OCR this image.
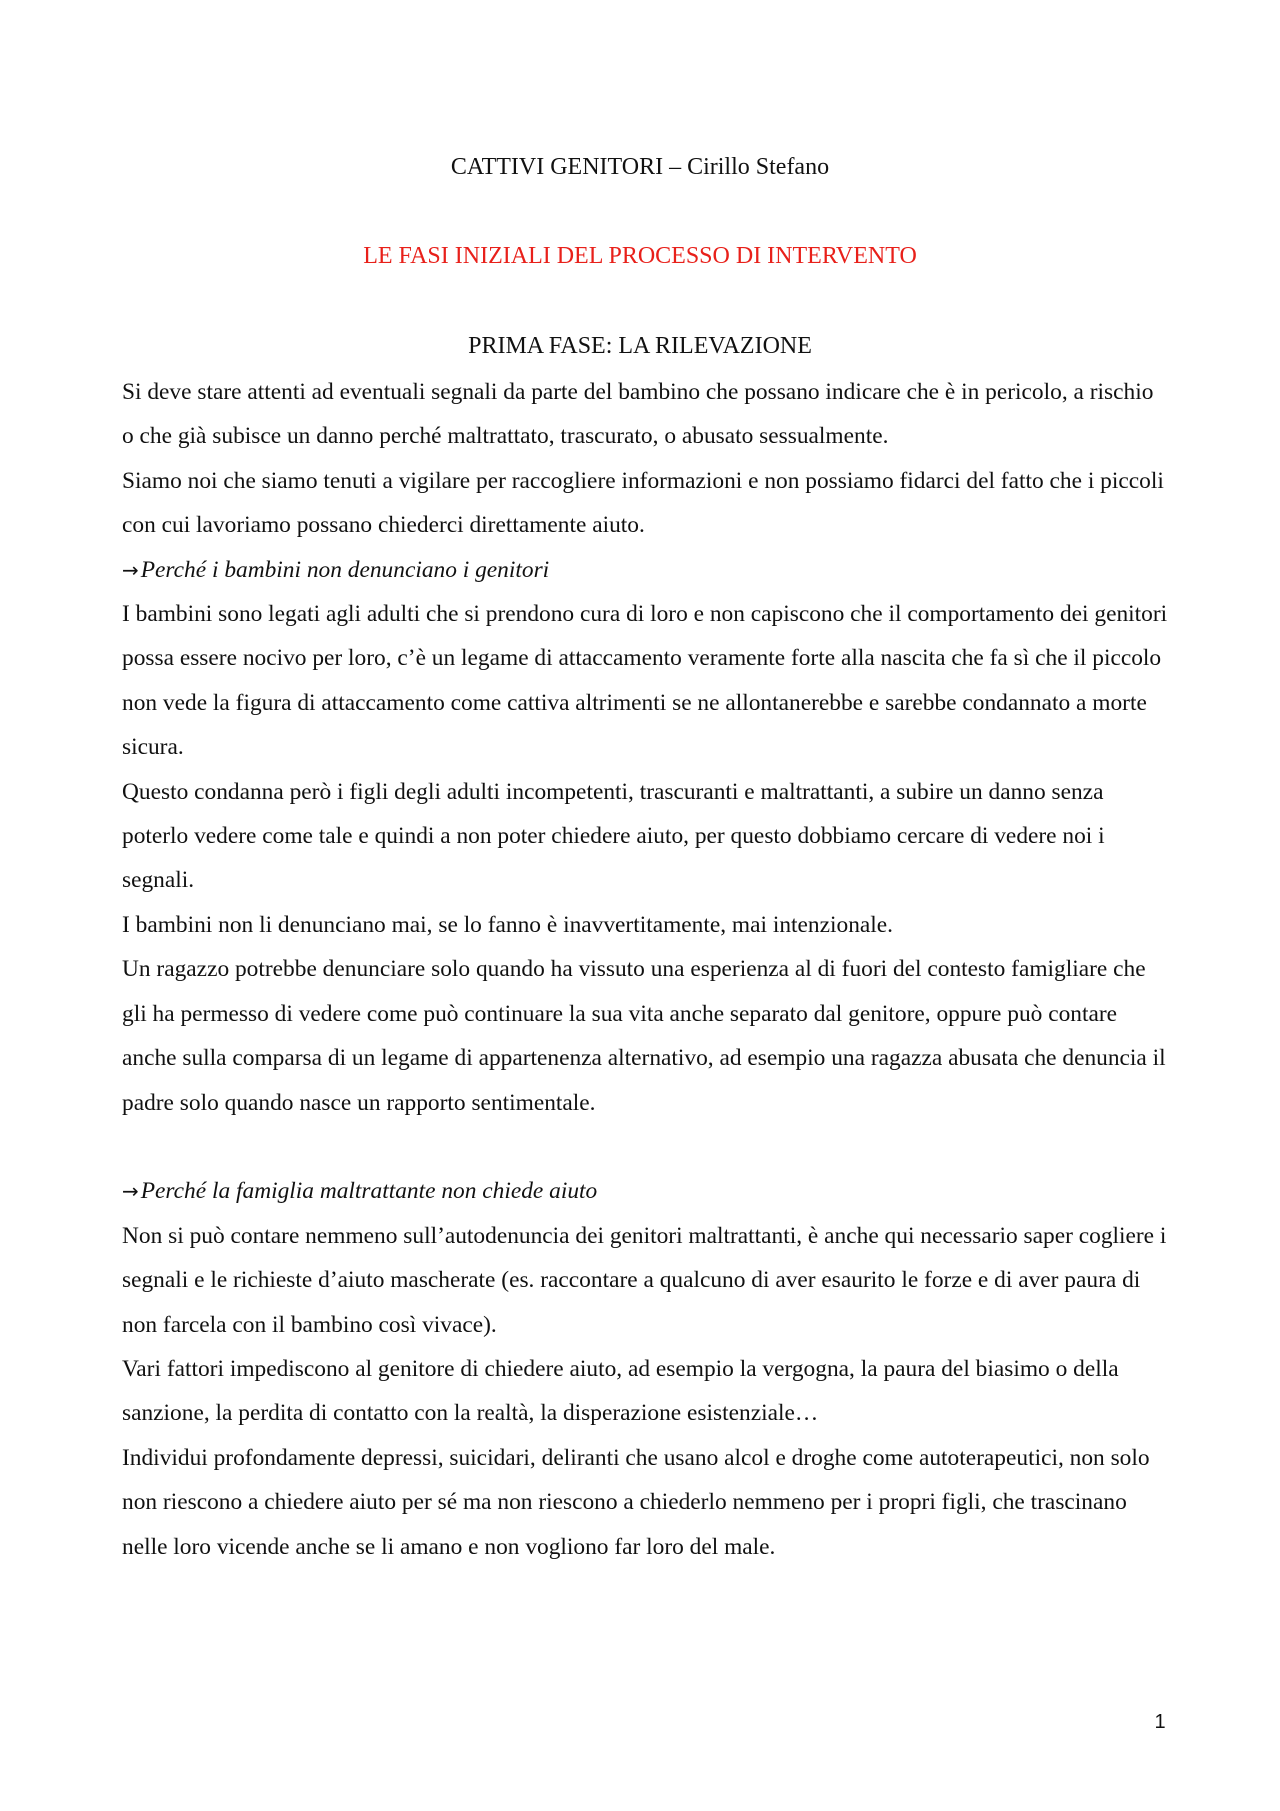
CATTIVI GENITORI – Cirillo Stefano
LE FASI INIZIALI DEL PROCESSO DI INTERVENTO
PRIMA FASE: LA RILEVAZIONE

Si deve stare attenti ad eventuali segnali da parte del bambino che possano indicare che è in pericolo, a rischio o che già subisce un danno perché maltrattato, trascurato, o abusato sessualmente.

Siamo noi che siamo tenuti a vigilare per raccogliere informazioni e non possiamo fidarci del fatto che i piccoli con cui lavoriamo possano chiederci direttamente aiuto.

→Perché i bambini non denunciano i genitori

I bambini sono legati agli adulti che si prendono cura di loro e non capiscono che il comportamento dei genitori possa essere nocivo per loro, c’è un legame di attaccamento veramente forte alla nascita che fa sì che il piccolo non vede la figura di attaccamento come cattiva altrimenti se ne allontanerebbe e sarebbe condannato a morte sicura.

Questo condanna però i figli degli adulti incompetenti, trascuranti e maltrattanti, a subire un danno senza poterlo vedere come tale e quindi a non poter chiedere aiuto, per questo dobbiamo cercare di vedere noi i segnali.

I bambini non li denunciano mai, se lo fanno è inavvertitamente, mai intenzionale.

Un ragazzo potrebbe denunciare solo quando ha vissuto una esperienza al di fuori del contesto famigliare che gli ha permesso di vedere come può continuare la sua vita anche separato dal genitore, oppure può contare anche sulla comparsa di un legame di appartenenza alternativo, ad esempio una ragazza abusata che denuncia il padre solo quando nasce un rapporto sentimentale.

→Perché la famiglia maltrattante non chiede aiuto

Non si può contare nemmeno sull’autodenuncia dei genitori maltrattanti, è anche qui necessario saper cogliere i segnali e le richieste d’aiuto mascherate (es. raccontare a qualcuno di aver esaurito le forze e di aver paura di non farcela con il bambino così vivace).

Vari fattori impediscono al genitore di chiedere aiuto, ad esempio la vergogna, la paura del biasimo o della sanzione, la perdita di contatto con la realtà, la disperazione esistenziale…

Individui profondamente depressi, suicidari, deliranti che usano alcol e droghe come autoterapeutici, non solo non riescono a chiedere aiuto per sé ma non riescono a chiederlo nemmeno per i propri figli, che trascinano nelle loro vicende anche se li amano e non vogliono far loro del male.

1
